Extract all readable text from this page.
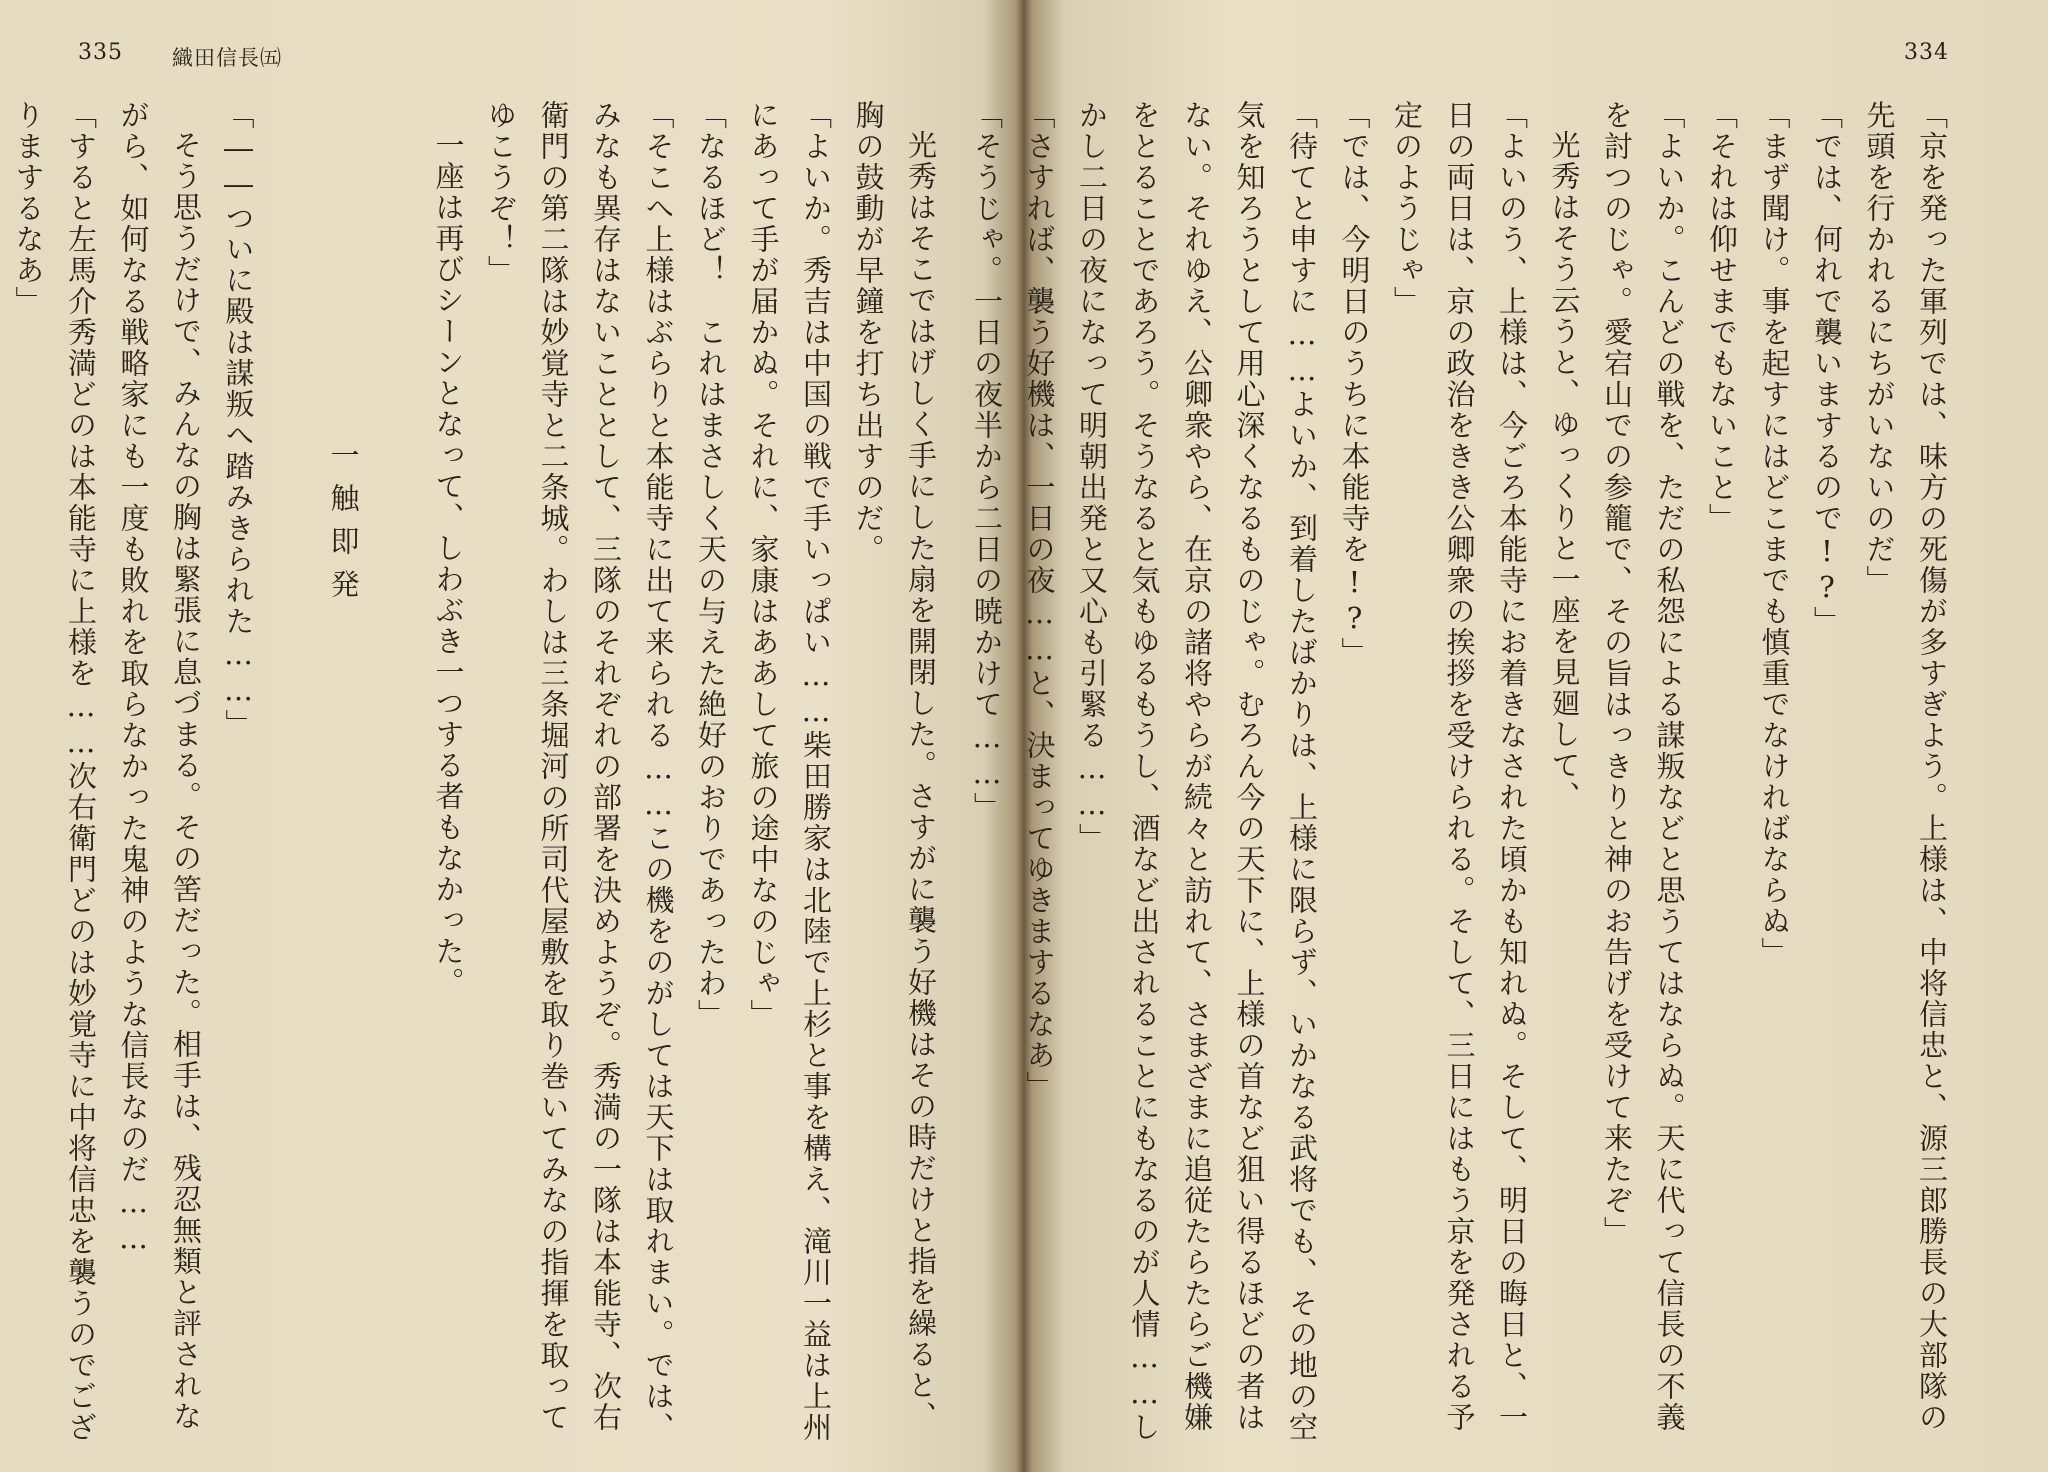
335 織田信長㈤
光秀はそこではげしく手にした扇を開閉した。さすがに襲う好機はその時だけと指を繰ると、
胸の鼓動が早鐘を打ち出すのだ。
「よいか。秀吉は中国の戦で手いっぱい……柴田勝家は北陸で上杉と事を構え、滝川一益は上州
にあって手が届かぬ。それに、家康はああして旅の途中なのじゃ」
「なるほど！　これはまさしく天の与えた絶好のおりであったわ」
「そこへ上様はぶらりと本能寺に出て来られる……この機をのがしては天下は取れまい。では、
みなも異存はないこととして、三隊のそれぞれの部署を決めようぞ。秀満の一隊は本能寺、次右
衛門の第二隊は妙覚寺と二条城。わしは三条堀河の所司代屋敷を取り巻いてみなの指揮を取って
ゆこうぞ！」
一座は再びシーンとなって、しわぶき一つする者もなかった。
一触即発
「――ついに殿は謀叛へ踏みきられた……」
そう思うだけで、みんなの胸は緊張に息づまる。その筈だった。相手は、残忍無類と評されな
がら、如何なる戦略家にも一度も敗れを取らなかった鬼神のような信長なのだ……
「すると左馬介秀満どのは本能寺に上様を……次右衛門どのは妙覚寺に中将信忠を襲うのでござ
りまするなあ」
334
「京を発った軍列では、味方の死傷が多すぎよう。上様は、中将信忠と、源三郎勝長の大部隊の
先頭を行かれるにちがいないのだ」
「では、何れで襲いまするので!?」
「まず聞け。事を起すにはどこまでも慎重でなければならぬ」
「それは仰せまでもないこと」
「よいか。こんどの戦を、ただの私怨による謀叛などと思うてはならぬ。天に代って信長の不義
を討つのじゃ。愛宕山での参籠で、その旨はっきりと神のお告げを受けて来たぞ」
光秀はそう云うと、ゆっくりと一座を見廻して、
「よいのう、上様は、今ごろ本能寺にお着きなされた頃かも知れぬ。そして、明日の晦日と、一
日の両日は、京の政治をきき公卿衆の挨拶を受けられる。そして、三日にはもう京を発される予
定のようじゃ」
「では、今明日のうちに本能寺を!?」
「待てと申すに……よいか、到着したばかりは、上様に限らず、いかなる武将でも、その地の空
気を知ろうとして用心深くなるものじゃ。むろん今の天下に、上様の首など狙い得るほどの者は
ない。それゆえ、公卿衆やら、在京の諸将やらが続々と訪れて、さまざまに追従たらたらご機嫌
をとることであろう。そうなると気もゆるもうし、酒など出されることにもなるのが人情……し
かし二日の夜になって明朝出発と又心も引緊る……」
「さすれば、襲う好機は、一日の夜……と、決まってゆきまするなあ」
「そうじゃ。一日の夜半から二日の暁かけて……」
